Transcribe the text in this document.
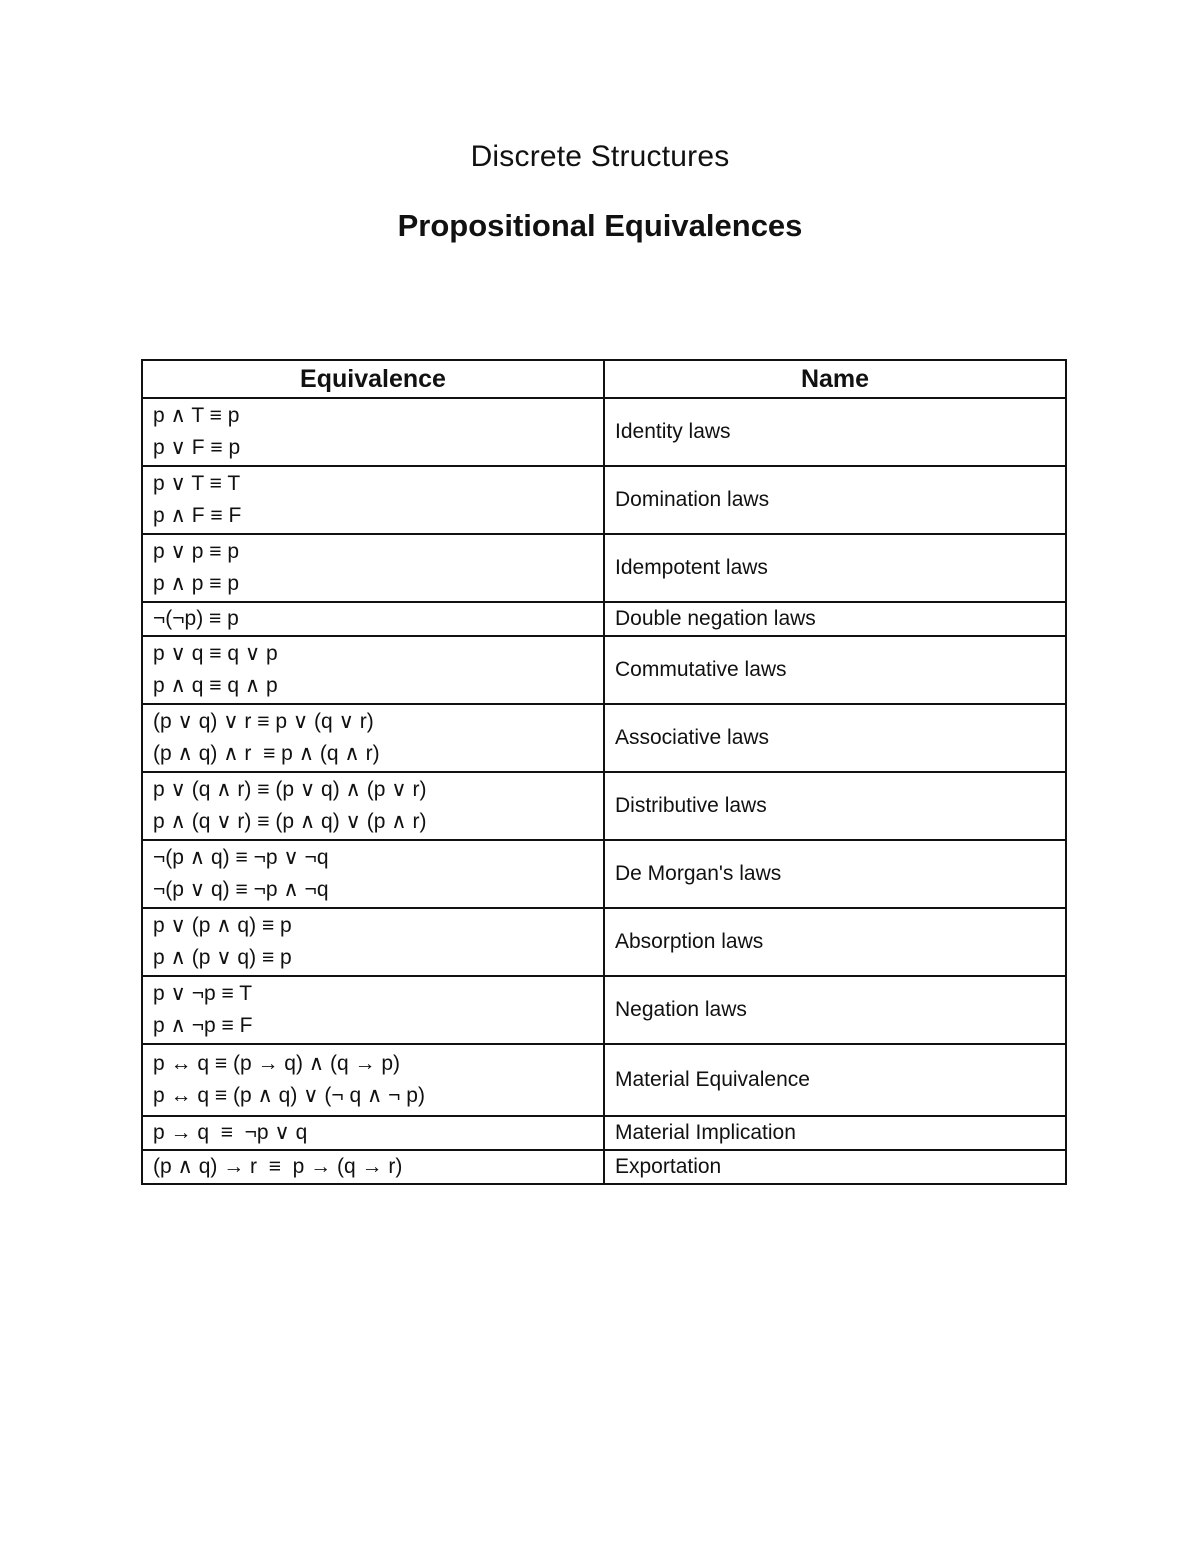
Discrete Structures
Propositional Equivalences
Equivalence	Name

p ∧ T ≡ p
p ∨ F ≡ p	Identity laws

p ∨ T ≡ T
p ∧ F ≡ F	Domination laws

p ∨ p ≡ p
p ∧ p ≡ p	Idempotent laws

¬(¬p) ≡ p	Double negation laws

p ∨ q ≡ q ∨ p
p ∧ q ≡ q ∧ p	Commutative laws

(p ∨ q) ∨ r ≡ p ∨ (q ∨ r)
(p ∧ q) ∧ r  ≡ p ∧ (q ∧ r)	Associative laws

p ∨ (q ∧ r) ≡ (p ∨ q) ∧ (p ∨ r)
p ∧ (q ∨ r) ≡ (p ∧ q) ∨ (p ∧ r)	Distributive laws

¬(p ∧ q) ≡ ¬p ∨ ¬q
¬(p ∨ q) ≡ ¬p ∧ ¬q	De Morgan's laws

p ∨ (p ∧ q) ≡ p
p ∧ (p ∨ q) ≡ p	Absorption laws

p ∨ ¬p ≡ T
p ∧ ¬p ≡ F	Negation laws

p ↔ q ≡ (p → q) ∧ (q → p)
p ↔ q ≡ (p ∧ q) ∨ (¬ q ∧ ¬ p)	Material Equivalence

p → q  ≡  ¬p ∨ q	Material Implication

(p ∧ q) → r  ≡  p → (q → r)	Exportation
